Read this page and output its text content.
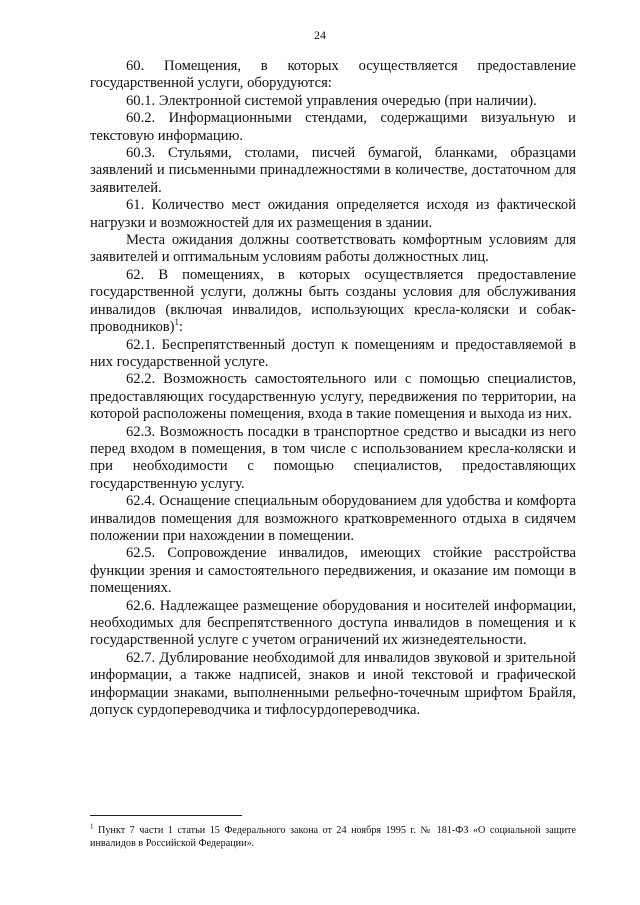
24

60. Помещения, в которых осуществляется предоставление государственной услуги, оборудуются:

60.1. Электронной системой управления очередью (при наличии).

60.2. Информационными стендами, содержащими визуальную и текстовую информацию.

60.3. Стульями, столами, писчей бумагой, бланками, образцами заявлений и письменными принадлежностями в количестве, достаточном для заявителей.

61. Количество мест ожидания определяется исходя из фактической нагрузки и возможностей для их размещения в здании.

Места ожидания должны соответствовать комфортным условиям для заявителей и оптимальным условиям работы должностных лиц.

62. В помещениях, в которых осуществляется предоставление государственной услуги, должны быть созданы условия для обслуживания инвалидов (включая инвалидов, использующих кресла-коляски и собак-проводников)$^1$:

62.1. Беспрепятственный доступ к помещениям и предоставляемой в них государственной услуге.

62.2. Возможность самостоятельного или с помощью специалистов, предоставляющих государственную услугу, передвижения по территории, на которой расположены помещения, входа в такие помещения и выхода из них.

62.3. Возможность посадки в транспортное средство и высадки из него перед входом в помещения, в том числе с использованием кресла-коляски и при необходимости с помощью специалистов, предоставляющих государственную услугу.

62.4. Оснащение специальным оборудованием для удобства и комфорта инвалидов помещения для возможного кратковременного отдыха в сидячем положении при нахождении в помещении.

62.5. Сопровождение инвалидов, имеющих стойкие расстройства функции зрения и самостоятельного передвижения, и оказание им помощи в помещениях.

62.6. Надлежащее размещение оборудования и носителей информации, необходимых для беспрепятственного доступа инвалидов в помещения и к государственной услуге с учетом ограничений их жизнедеятельности.

62.7. Дублирование необходимой для инвалидов звуковой и зрительной информации, а также надписей, знаков и иной текстовой и графической информации знаками, выполненными рельефно-точечным шрифтом Брайля, допуск сурдопереводчика и тифлосурдопереводчика.

$^1$ Пункт 7 части 1 статьи 15 Федерального закона от 24 ноября 1995 г. № 181-ФЗ «О социальной защите инвалидов в Российской Федерации».
